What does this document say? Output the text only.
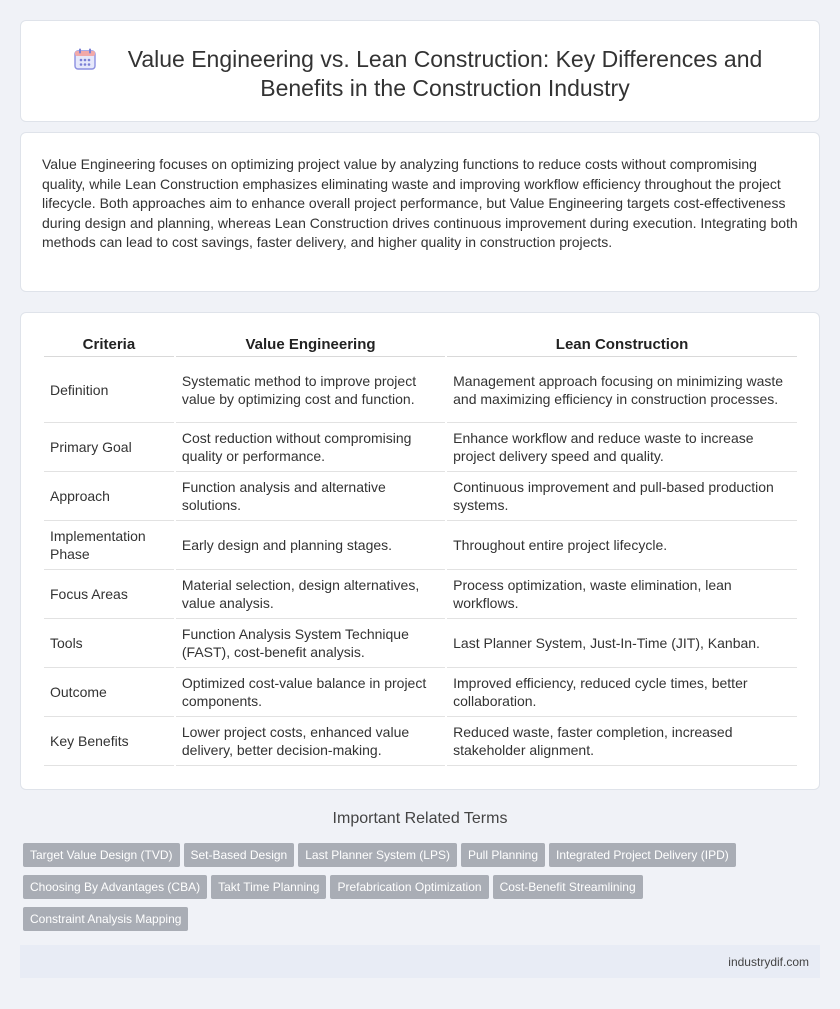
Value Engineering vs. Lean Construction: Key Differences and Benefits in the Construction Industry

Value Engineering focuses on optimizing project value by analyzing functions to reduce costs without compromising quality, while Lean Construction emphasizes eliminating waste and improving workflow efficiency throughout the project lifecycle. Both approaches aim to enhance overall project performance, but Value Engineering targets cost-effectiveness during design and planning, whereas Lean Construction drives continuous improvement during execution. Integrating both methods can lead to cost savings, faster delivery, and higher quality in construction projects.

Criteria	Value Engineering	Lean Construction
Definition	Systematic method to improve project value by optimizing cost and function.	Management approach focusing on minimizing waste and maximizing efficiency in construction processes.
Primary Goal	Cost reduction without compromising quality or performance.	Enhance workflow and reduce waste to increase project delivery speed and quality.
Approach	Function analysis and alternative solutions.	Continuous improvement and pull-based production systems.
Implementation Phase	Early design and planning stages.	Throughout entire project lifecycle.
Focus Areas	Material selection, design alternatives, value analysis.	Process optimization, waste elimination, lean workflows.
Tools	Function Analysis System Technique (FAST), cost-benefit analysis.	Last Planner System, Just-In-Time (JIT), Kanban.
Outcome	Optimized cost-value balance in project components.	Improved efficiency, reduced cycle times, better collaboration.
Key Benefits	Lower project costs, enhanced value delivery, better decision-making.	Reduced waste, faster completion, increased stakeholder alignment.
Important Related Terms
Target Value Design (TVD) Set-Based Design Last Planner System (LPS) Pull Planning Integrated Project Delivery (IPD)Choosing By Advantages (CBA) Takt Time Planning Prefabrication Optimization Cost-Benefit StreamliningConstraint Analysis Mapping
industrydif.com
